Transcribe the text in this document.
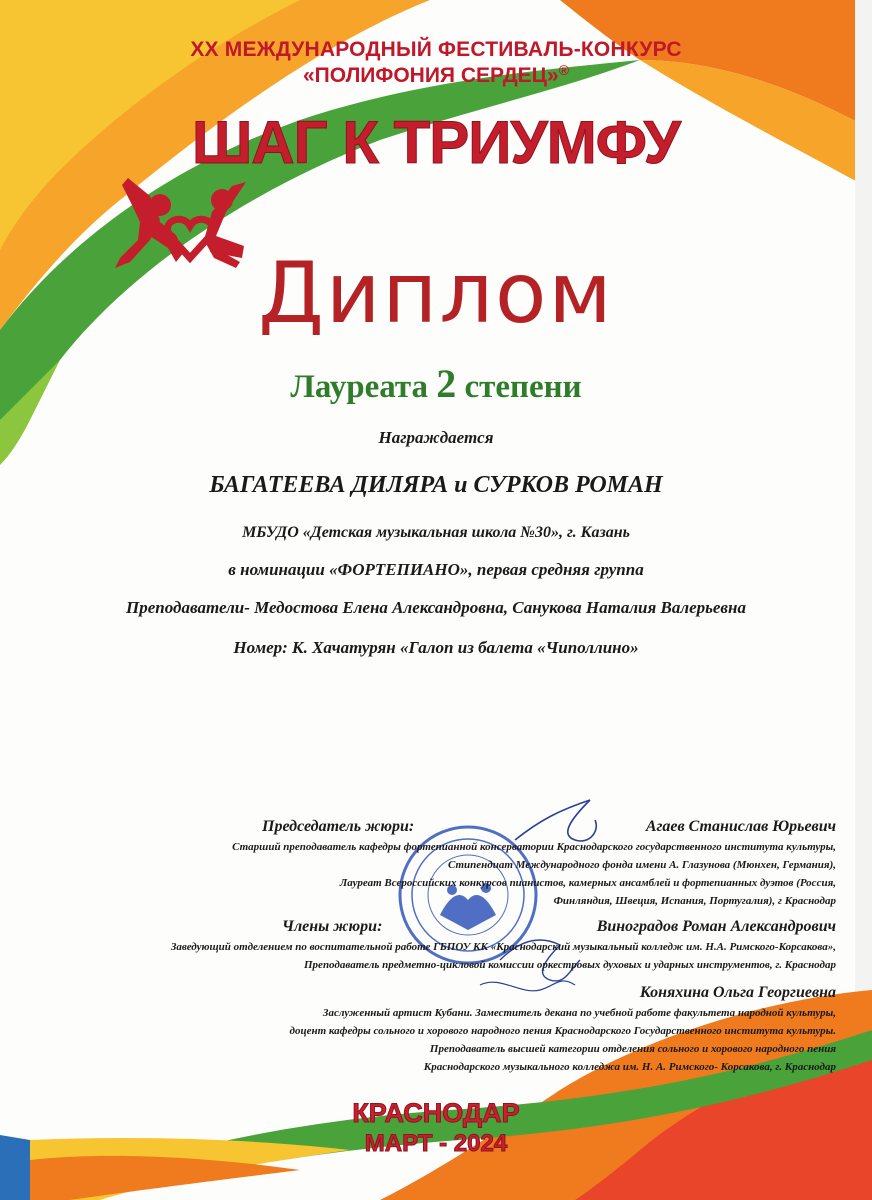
XX МЕЖДУНАРОДНЫЙ ФЕСТИВАЛЬ-КОНКУРС

«ПОЛИФОНИЯ СЕРДЕЦ»®

ШАГ К ТРИУМФУ

Диплом

Лауреата 2 степени

Награждается

БАГАТЕЕВА ДИЛЯРА и СУРКОВ РОМАН

МБУДО «Детская музыкальная школа №30», г. Казань

в номинации «ФОРТЕПИАНО», первая средняя группа

Преподаватели- Медостова Елена Александровна, Санукова Наталия Валерьевна

Номер: К. Хачатурян «Галоп из балета «Чиполлино»

Председатель жюри:	Агаев Станислав Юрьевич
Старший преподаватель кафедры фортепианной консерватории Краснодарского государственного института культуры,
Стипендиат Международного фонда имени А. Глазунова (Мюнхен, Германия),
Лауреат Всероссийских конкурсов пианистов, камерных ансамблей и фортепианных дуэтов (Россия,
Финляндия, Швеция, Испания, Португалия), г Краснодар
Члены жюри:	Виноградов Роман Александрович
Заведующий отделением по воспитательной работе ГБПОУ КК «Краснодарский музыкальный колледж им. Н.А. Римского-Корсакова»,
Преподаватель предметно-цикловой комиссии оркестровых духовых и ударных инструментов, г. Краснодар
Коняхина Ольга Георгиевна
Заслуженный артист Кубани. Заместитель декана по учебной работе факультета народной культуры,
доцент кафедры сольного и хорового народного пения Краснодарского Государственного института культуры.
Преподаватель высшей категории отделения сольного и хорового народного пения
Краснодарского музыкального колледжа им. Н. А. Римского- Корсакова, г. Краснодар

КРАСНОДАР

МАРТ - 2024
